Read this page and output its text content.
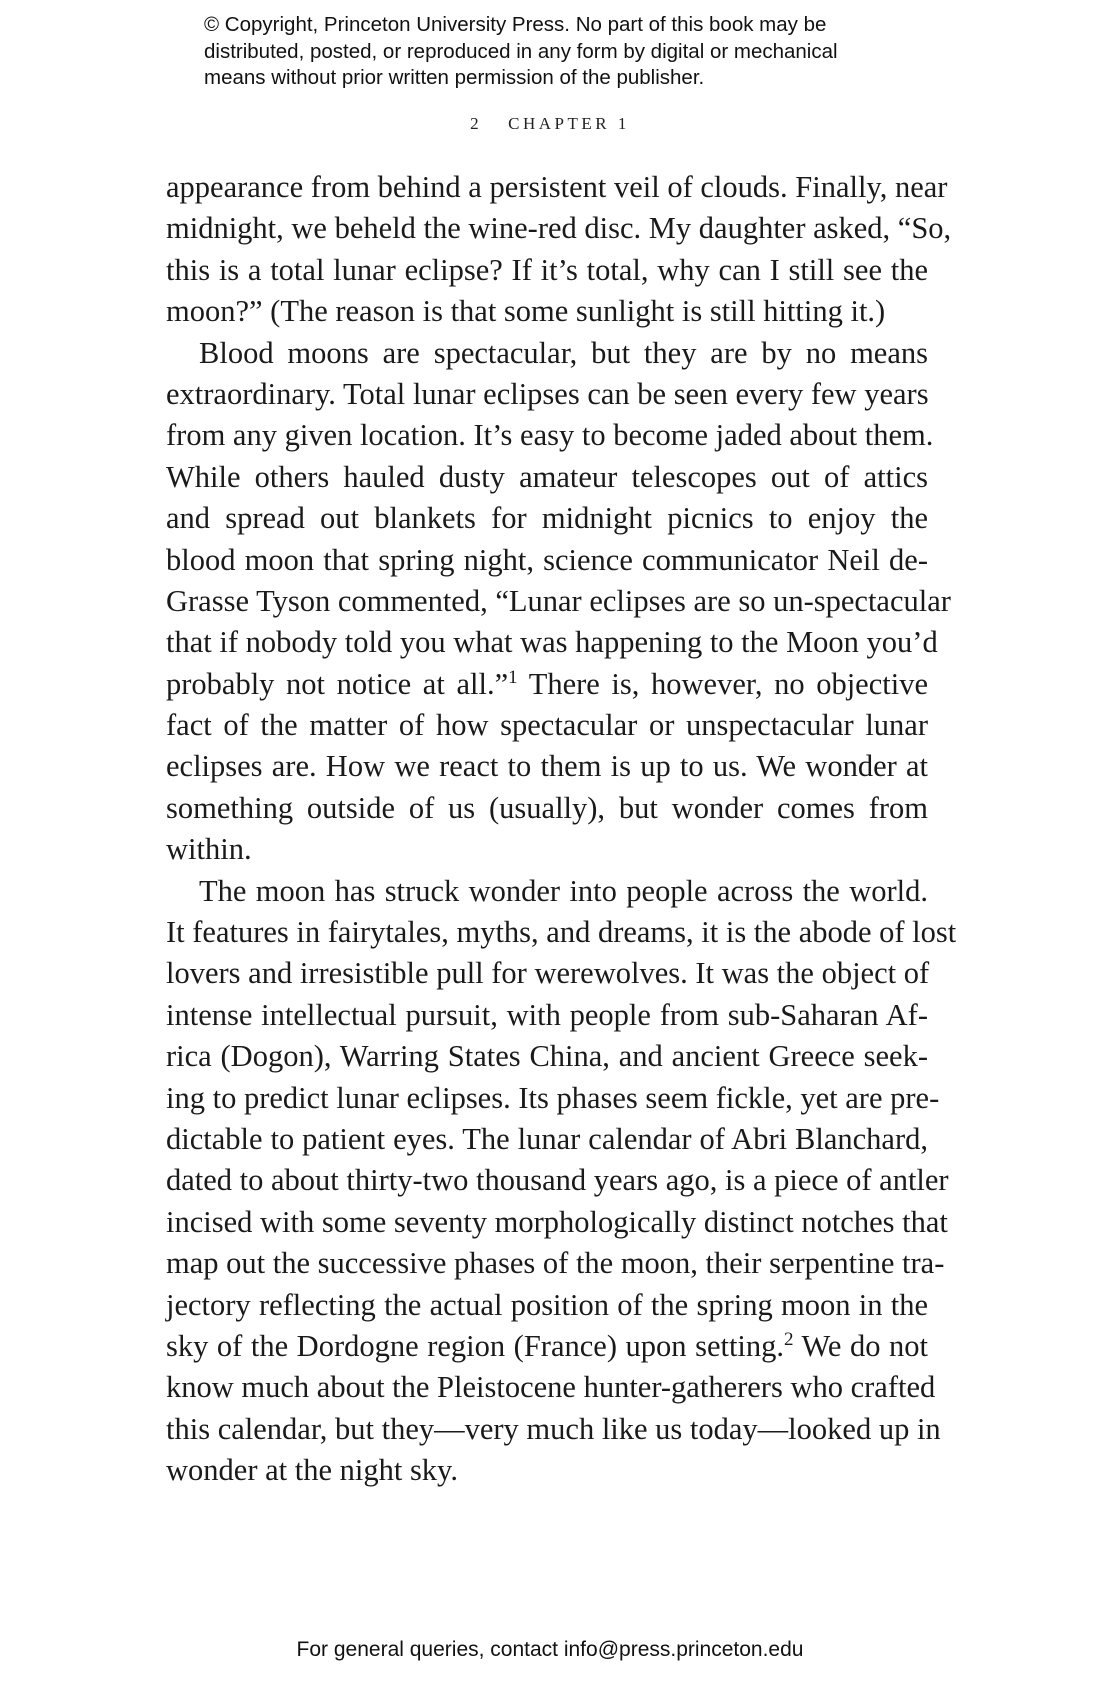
© Copyright, Princeton University Press. No part of this book may be
distributed, posted, or reproduced in any form by digital or mechanical
means without prior written permission of the publisher.
2 CHAPTER 1
appearance from behind a persistent veil of clouds. Finally, near
midnight, we beheld the wine-red disc. My daughter asked, “So,
this is a total lunar eclipse? If it’s total, why can I still see the
moon?” (The reason is that some sunlight is still hitting it.)
Blood moons are spectacular, but they are by no means
extraordinary. Total lunar eclipses can be seen every few years
from any given location. It’s easy to become jaded about them.
While others hauled dusty amateur telescopes out of attics
and spread out blankets for midnight picnics to enjoy the
blood moon that spring night, science communicator Neil de-
Grasse Tyson commented, “Lunar eclipses are so un-spectacular
that if nobody told you what was happening to the Moon you’d
probably not notice at all.”$^1$ There is, however, no objective
fact of the matter of how spectacular or unspectacular lunar
eclipses are. How we react to them is up to us. We wonder at
something outside of us (usually), but wonder comes from
within.
The moon has struck wonder into people across the world.
It features in fairytales, myths, and dreams, it is the abode of lost
lovers and irresistible pull for werewolves. It was the object of
intense intellectual pursuit, with people from sub-Saharan Af-
rica (Dogon), Warring States China, and ancient Greece seek-
ing to predict lunar eclipses. Its phases seem fickle, yet are pre-
dictable to patient eyes. The lunar calendar of Abri Blanchard,
dated to about thirty-two thousand years ago, is a piece of antler
incised with some seventy morphologically distinct notches that
map out the successive phases of the moon, their serpentine tra-
jectory reflecting the actual position of the spring moon in the
sky of the Dordogne region (France) upon setting.$^2$ We do not
know much about the Pleistocene hunter-gatherers who crafted
this calendar, but they—very much like us today—looked up in
wonder at the night sky.
For general queries, contact info@press.princeton.edu
